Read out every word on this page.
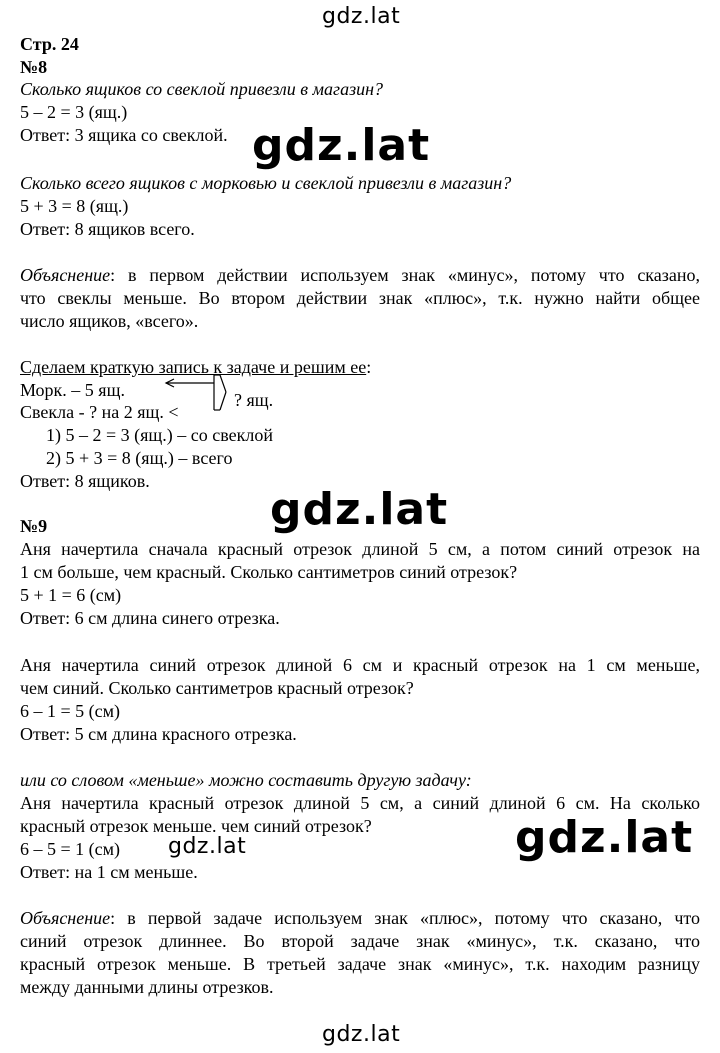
gdz.lat
gdz.lat
gdz.lat
gdz.lat
gdz.lat
gdz.lat
Стр. 24
№8
Сколько ящиков со свеклой привезли в магазин?
5 – 2 = 3 (ящ.)
Ответ: 3 ящика со свеклой.
Сколько всего ящиков с морковью и свеклой привезли в магазин?
5 + 3 = 8 (ящ.)
Ответ: 8 ящиков всего.
Объяснение: в первом действии используем знак «минус», потому что сказано,
что свеклы меньше. Во втором действии знак «плюс», т.к. нужно найти общее
число ящиков, «всего».
Сделаем краткую запись к задаче и решим ее:
Морк. – 5 ящ.
Свекла - ? на 2 ящ. <
? ящ.
1) 5 – 2 = 3 (ящ.) – со свеклой
2) 5 + 3 = 8 (ящ.) – всего
Ответ: 8 ящиков.
№9
Аня начертила сначала красный отрезок длиной 5 см, а потом синий отрезок на
1 см больше, чем красный. Сколько сантиметров синий отрезок?
5 + 1 = 6 (см)
Ответ: 6 см длина синего отрезка.
Аня начертила синий отрезок длиной 6 см и красный отрезок на 1 см меньше,
чем синий. Сколько сантиметров красный отрезок?
6 – 1 = 5 (см)
Ответ: 5 см длина красного отрезка.
или со словом «меньше» можно составить другую задачу:
Аня начертила красный отрезок длиной 5 см, а синий длиной 6 см. На сколько
красный отрезок меньше. чем синий отрезок?
6 – 5 = 1 (см)
Ответ: на 1 см меньше.
Объяснение: в первой задаче используем знак «плюс», потому что сказано, что
синий отрезок длиннее. Во второй задаче знак «минус», т.к. сказано, что
красный отрезок меньше. В третьей задаче знак «минус», т.к. находим разницу
между данными длины отрезков.
